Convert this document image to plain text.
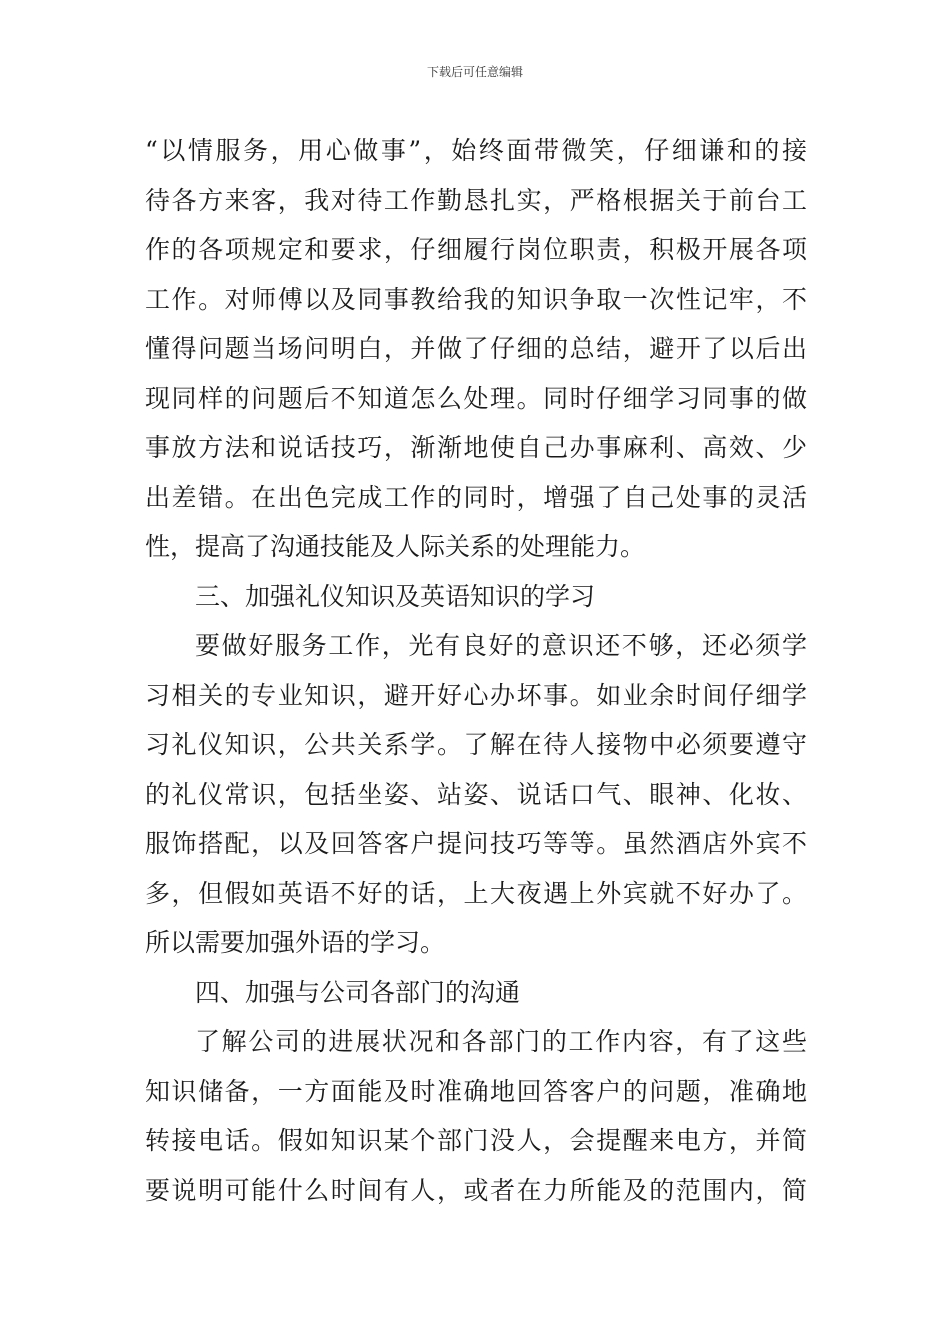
下载后可任意编辑
“以情服务，用心做事”，始终面带微笑，仔细谦和的接
待各方来客，我对待工作勤恳扎实，严格根据关于前台工
作的各项规定和要求，仔细履行岗位职责，积极开展各项
工作。对师傅以及同事教给我的知识争取一次性记牢，不
懂得问题当场问明白，并做了仔细的总结，避开了以后出
现同样的问题后不知道怎么处理。同时仔细学习同事的做
事放方法和说话技巧，渐渐地使自己办事麻利、高效、少
出差错。在出色完成工作的同时，增强了自己处事的灵活
性，提高了沟通技能及人际关系的处理能力。
三、加强礼仪知识及英语知识的学习
要做好服务工作，光有良好的意识还不够，还必须学
习相关的专业知识，避开好心办坏事。如业余时间仔细学
习礼仪知识，公共关系学。了解在待人接物中必须要遵守
的礼仪常识，包括坐姿、站姿、说话口气、眼神、化妆、
服饰搭配，以及回答客户提问技巧等等。虽然酒店外宾不
多，但假如英语不好的话，上大夜遇上外宾就不好办了。
所以需要加强外语的学习。
四、加强与公司各部门的沟通
了解公司的进展状况和各部门的工作内容，有了这些
知识储备，一方面能及时准确地回答客户的问题，准确地
转接电话。假如知识某个部门没人，会提醒来电方，并简
要说明可能什么时间有人，或者在力所能及的范围内，简
